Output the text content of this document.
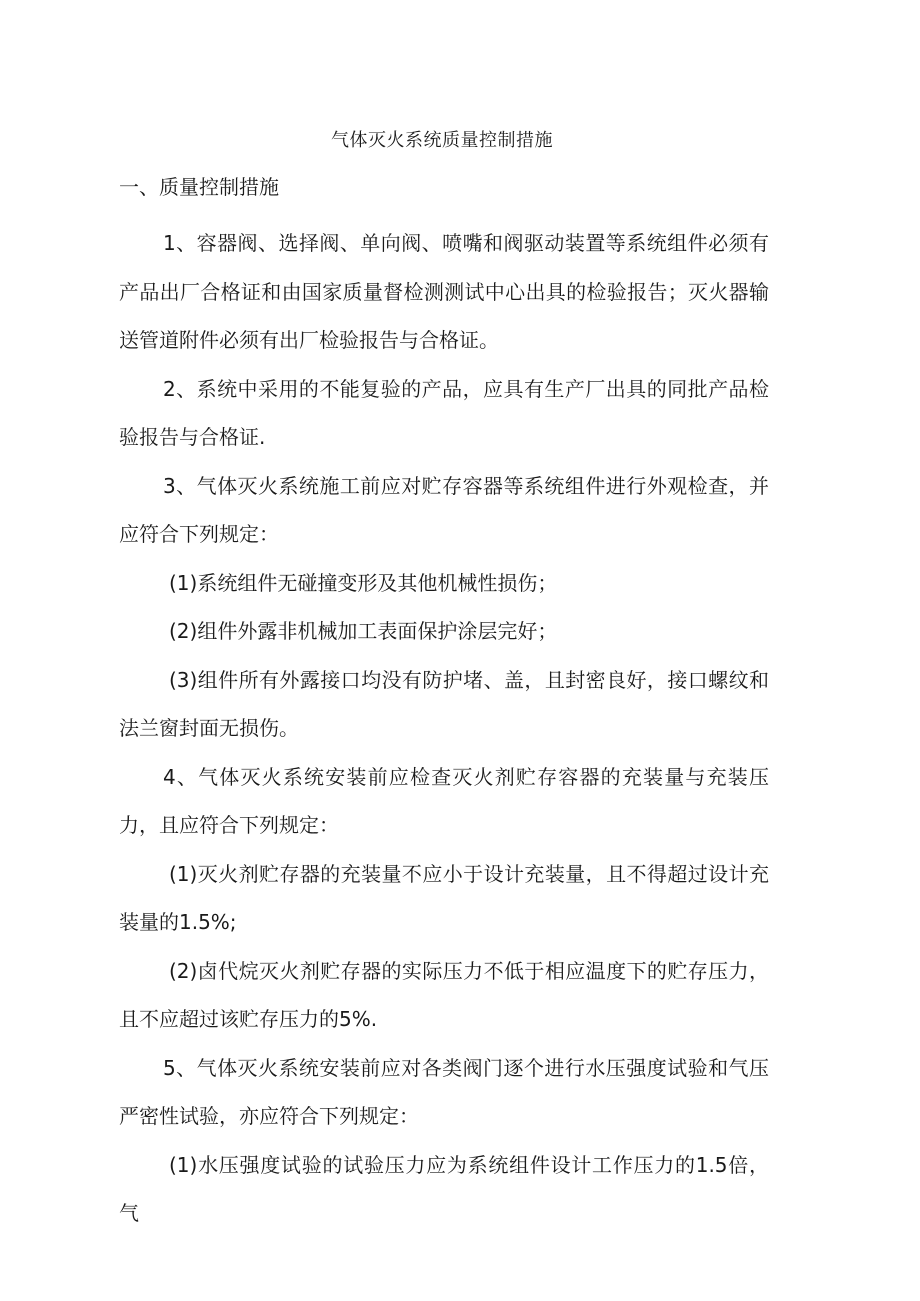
气体灭火系统质量控制措施

一、质量控制措施

1、容器阀、选择阀、单向阀、喷嘴和阀驱动装置等系统组件必须有产品出厂合格证和由国家质量督检测测试中心出具的检验报告；灭火器输送管道附件必须有出厂检验报告与合格证。

2、系统中采用的不能复验的产品，应具有生产厂出具的同批产品检验报告与合格证.

3、气体灭火系统施工前应对贮存容器等系统组件进行外观检查，并应符合下列规定：

(1)系统组件无碰撞变形及其他机械性损伤；

(2)组件外露非机械加工表面保护涂层完好；

(3)组件所有外露接口均没有防护堵、盖，且封密良好，接口螺纹和法兰窗封面无损伤。

4、气体灭火系统安装前应检查灭火剂贮存容器的充装量与充装压力，且应符合下列规定：

(1)灭火剂贮存器的充装量不应小于设计充装量，且不得超过设计充装量的1.5%;

(2)卤代烷灭火剂贮存器的实际压力不低于相应温度下的贮存压力，且不应超过该贮存压力的5%.

5、气体灭火系统安装前应对各类阀门逐个进行水压强度试验和气压严密性试验，亦应符合下列规定：

(1)水压强度试验的试验压力应为系统组件设计工作压力的1.5倍，气
